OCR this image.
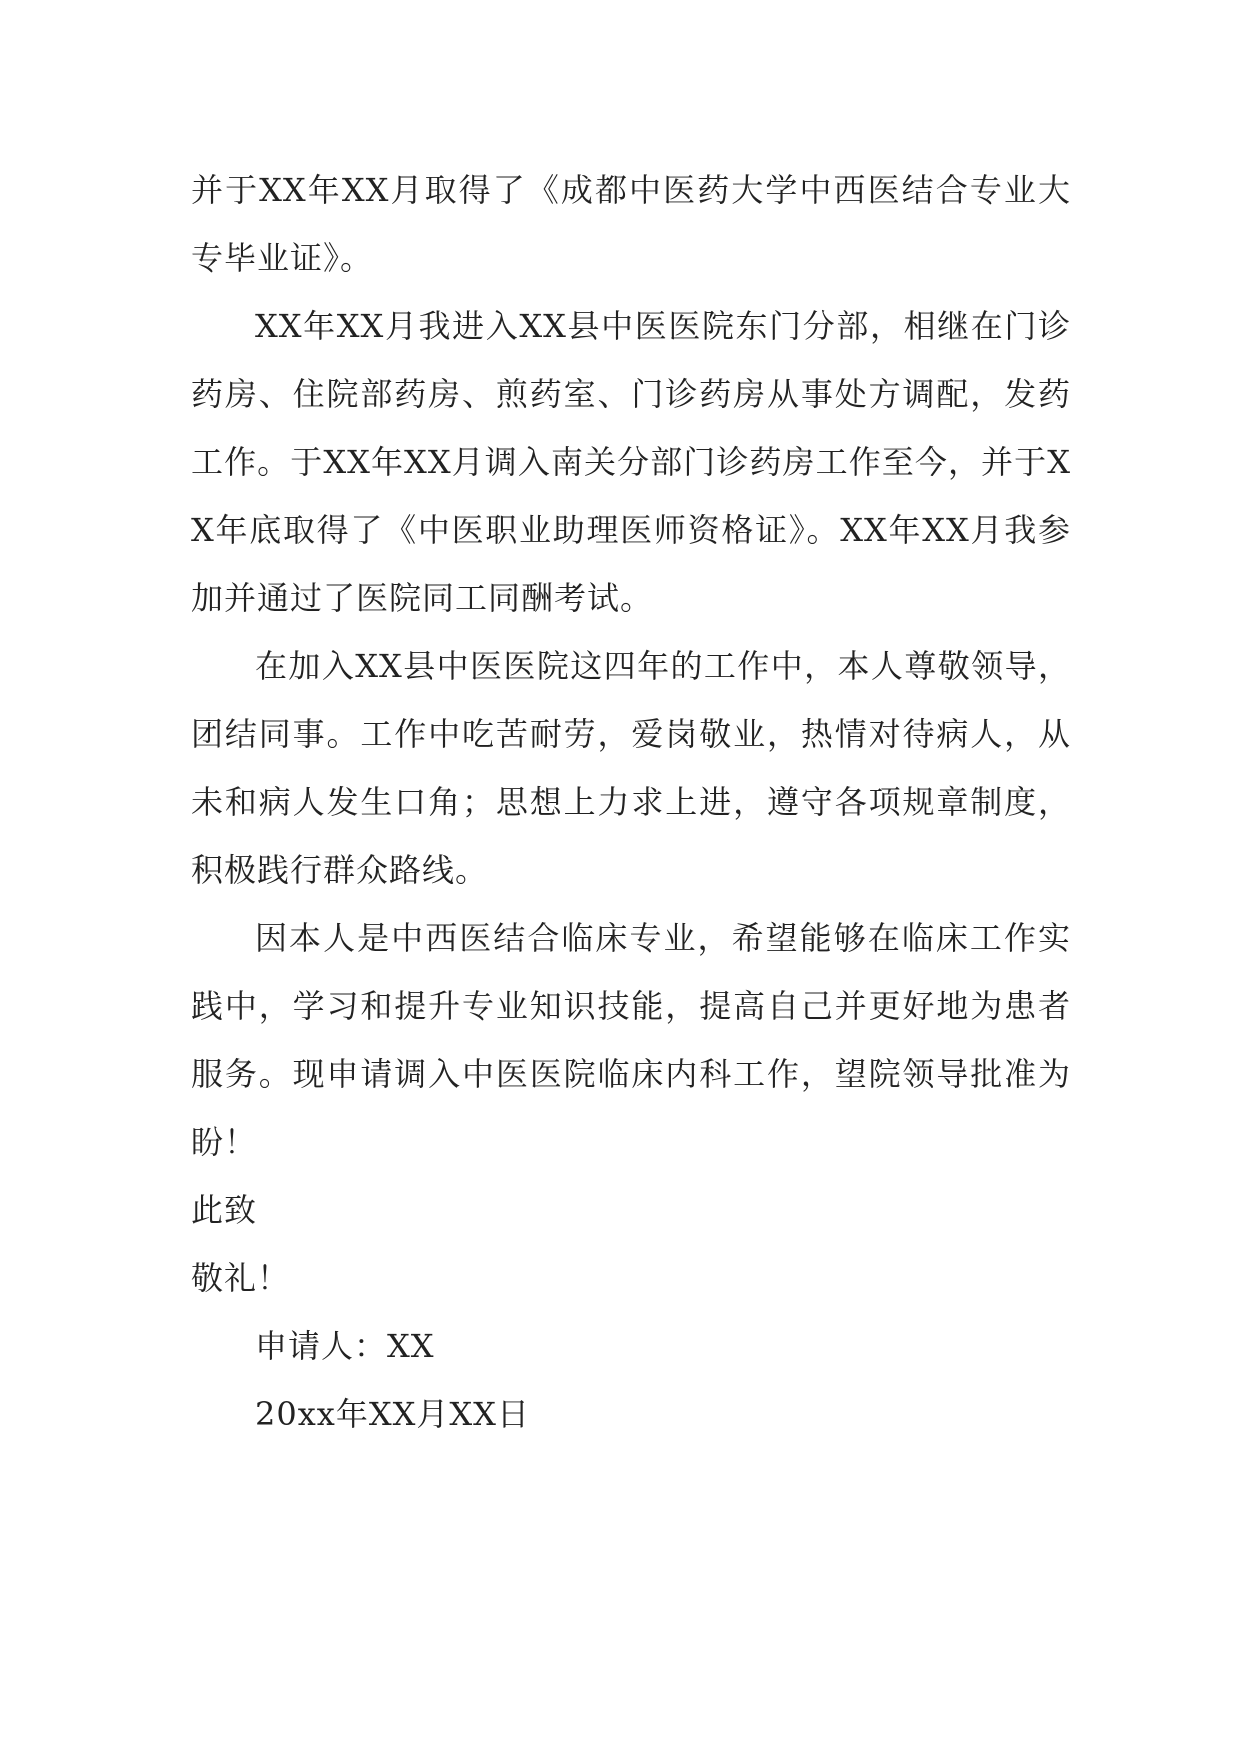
并于XX年XX月取得了《成都中医药大学中西医结合专业大专毕业证》。

XX年XX月我进入XX县中医医院东门分部，相继在门诊药房、住院部药房、煎药室、门诊药房从事处方调配，发药工作。于XX年XX月调入南关分部门诊药房工作至今，并于XX年底取得了《中医职业助理医师资格证》。XX年XX月我参加并通过了医院同工同酬考试。

在加入XX县中医医院这四年的工作中，本人尊敬领导，团结同事。工作中吃苦耐劳，爱岗敬业，热情对待病人，从未和病人发生口角；思想上力求上进，遵守各项规章制度，积极践行群众路线。

因本人是中西医结合临床专业，希望能够在临床工作实践中，学习和提升专业知识技能，提高自己并更好地为患者服务。现申请调入中医医院临床内科工作，望院领导批准为盼！

此致

敬礼！

申请人：XX

20xx年XX月XX日
